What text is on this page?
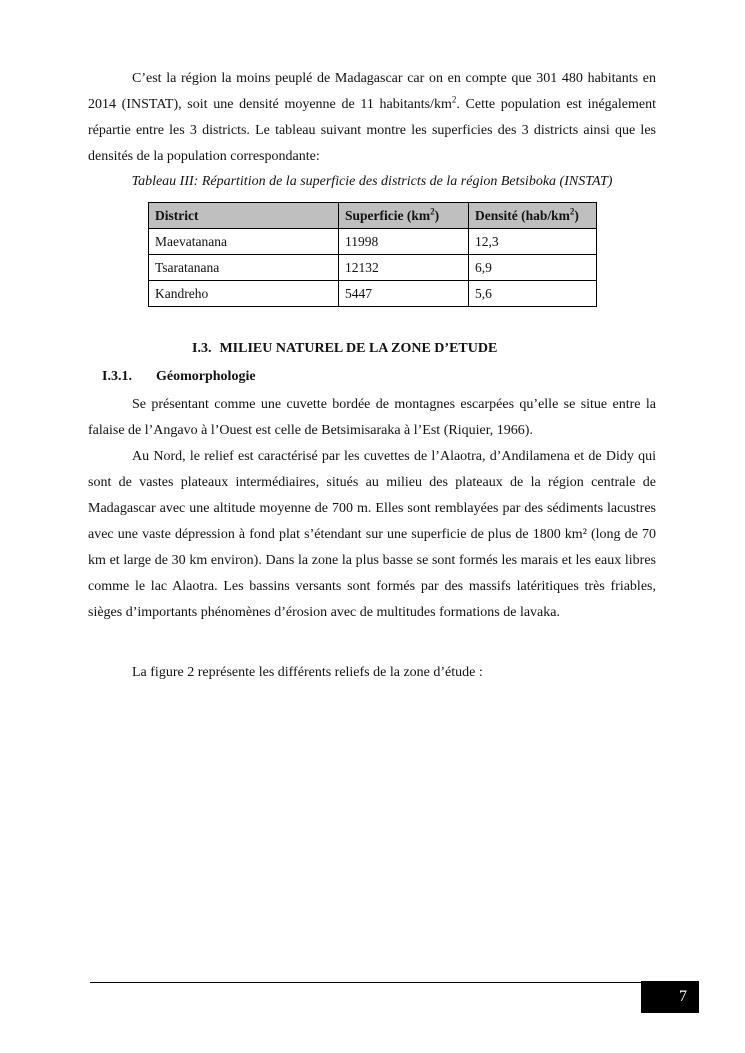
C’est la région la moins peuplé de Madagascar car on en compte que 301 480 habitants en 2014 (INSTAT), soit une densité moyenne de 11 habitants/$km^2$. Cette population est inégalement répartie entre les 3 districts. Le tableau suivant montre les superficies des 3 districts ainsi que les densités de la population correspondante:

Tableau III: Répartition de la superficie des districts de la région Betsiboka (INSTAT)

District	Superficie $(km^2)$	Densité $(hab/km^2)$
Maevatanana	11998	12,3
Tsaratanana	12132	6,9
Kandreho	5447	5,6

I.3. MILIEU NATUREL DE LA ZONE D’ETUDE

I.3.1. Géomorphologie

Se présentant comme une cuvette bordée de montagnes escarpées qu’elle se situe entre la falaise de l’Angavo à l’Ouest est celle de Betsimisaraka à l’Est (Riquier, 1966).

Au Nord, le relief est caractérisé par les cuvettes de l’Alaotra, d’Andilamena et de Didy qui sont de vastes plateaux intermédiaires, situés au milieu des plateaux de la région centrale de Madagascar avec une altitude moyenne de 700 m. Elles sont remblayées par des sédiments lacustres avec une vaste dépression à fond plat s’étendant sur une superficie de plus de 1800 km² (long de 70 km et large de 30 km environ). Dans la zone la plus basse se sont formés les marais et les eaux libres comme le lac Alaotra. Les bassins versants sont formés par des massifs latéritiques très friables, sièges d’importants phénomènes d’érosion avec de multitudes formations de lavaka.

La figure 2 représente les différents reliefs de la zone d’étude :

7
